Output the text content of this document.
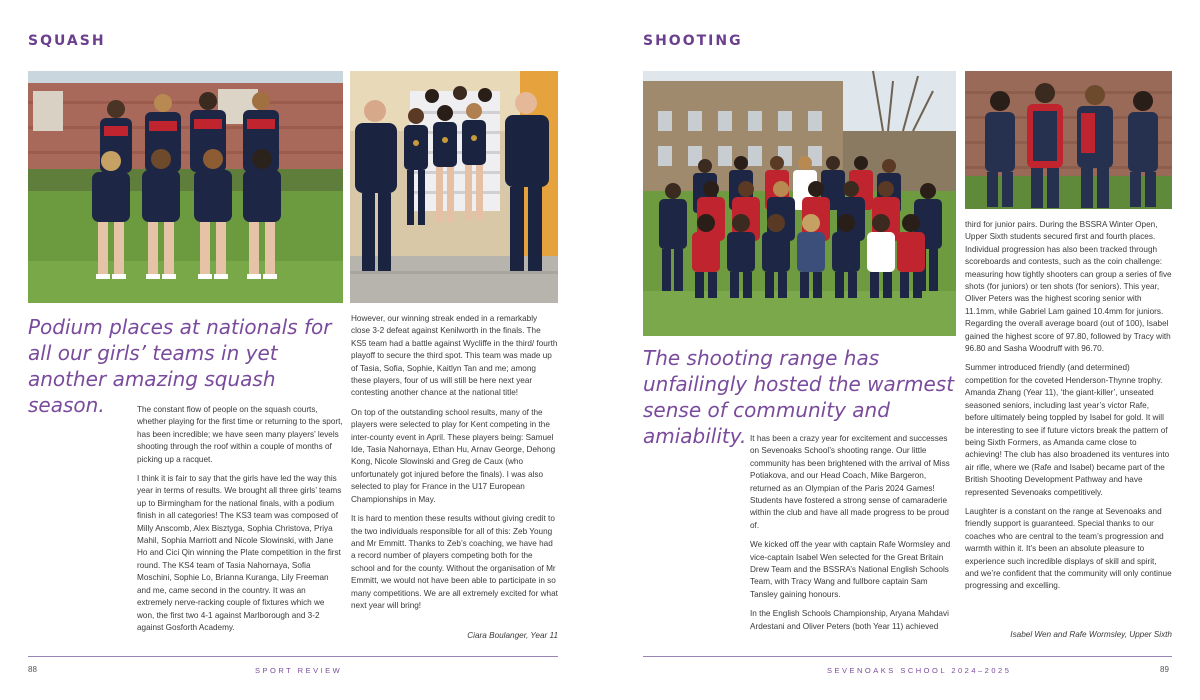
SQUASH

Podium places at nationals for all our girls’ teams in yet another amazing squash season.	The constant flow of people on the squash courts, whether playing for the first time or returning to the sport, has been incredible; we have seen many players’ levels shooting through the roof within a couple of months of picking up a racquet.

I think it is fair to say that the girls have led the way this year in terms of results. We brought all three girls’ teams up to Birmingham for the national finals, with a podium finish in all categories! The KS3 team was composed of Milly Anscomb, Alex Bisztyga, Sophia Christova, Priya Mahil, Sophia Marriott and Nicole Slowinski, with Jane Ho and Cici Qin winning the Plate competition in the first round. The KS4 team of Tasia Nahornaya, Sofia Moschini, Sophie Lo, Brianna Kuranga, Lily Freeman and me, came second in the country. It was an extremely nerve-racking couple of fixtures which we won, the first two 4-1 against Marlborough and 3-2 against Gosforth Academy.

However, our winning streak ended in a remarkably close 3-2 defeat against Kenilworth in the finals. The KS5 team had a battle against Wycliffe in the third/ fourth playoff to secure the third spot. This team was made up of Tasia, Sofia, Sophie, Kaitlyn Tan and me; among these players, four of us will still be here next year contesting another chance at the national title!

On top of the outstanding school results, many of the players were selected to play for Kent competing in the inter-county event in April. These players being: Samuel Ide, Tasia Nahornaya, Ethan Hu, Arnav George, Dehong Kong, Nicole Slowinski and Greg de Caux (who unfortunately got injured before the finals). I was also selected to play for France in the U17 European Championships in May.

It is hard to mention these results without giving credit to the two individuals responsible for all of this: Zeb Young and Mr Emmitt. Thanks to Zeb’s coaching, we have had a record number of players competing both for the school and for the county. Without the organisation of Mr Emmitt, we would not have been able to participate in so many competitions. We are all extremely excited for what next year will bring!

Ciara Boulanger, Year 11
88	SPORT REVIEW
SHOOTING

The shooting range has unfailingly hosted the warmest sense of community and amiability. It has been a crazy year for excitement and successes on Sevenoaks School’s shooting range. Our little community has been brightened with the arrival of Miss Potiakova, and our Head Coach, Mike Bargeron, returned as an Olympian of the Paris 2024 Games! Students have fostered a strong sense of camaraderie within the club and have all made progress to be proud of.

We kicked off the year with captain Rafe Wormsley and vice-captain Isabel Wen selected for the Great Britain Drew Team and the BSSRA’s National English Schools Team, with Tracy Wang and fullbore captain Sam Tansley gaining honours.

In the English Schools Championship, Aryana Mahdavi Ardestani and Oliver Peters (both Year 11) achieved

third for junior pairs. During the BSSRA Winter Open, Upper Sixth students secured first and fourth places. Individual progression has also been tracked through scoreboards and contests, such as the coin challenge: measuring how tightly shooters can group a series of five shots (for juniors) or ten shots (for seniors). This year, Oliver Peters was the highest scoring senior with 11.1mm, while Gabriel Lam gained 10.4mm for juniors. Regarding the overall average board (out of 100), Isabel gained the highest score of 97.80, followed by Tracy with 96.80 and Sasha Woodruff with 96.70.

Summer introduced friendly (and determined) competition for the coveted Henderson-Thynne trophy. Amanda Zhang (Year 11), ‘the giant-killer’, unseated seasoned seniors, including last year’s victor Rafe, before ultimately being toppled by Isabel for gold. It will be interesting to see if future victors break the pattern of being Sixth Formers, as Amanda came close to achieving! The club has also broadened its ventures into air rifle, where we (Rafe and Isabel) became part of the British Shooting Development Pathway and have represented Sevenoaks competitively.

Laughter is a constant on the range at Sevenoaks and friendly support is guaranteed. Special thanks to our coaches who are central to the team’s progression and warmth within it. It’s been an absolute pleasure to experience such incredible displays of skill and spirit, and we’re confident that the community will only continue progressing and excelling.

Isabel Wen and Rafe Wormsley, Upper Sixth
SEVENOAKS SCHOOL 2024–2025	89
